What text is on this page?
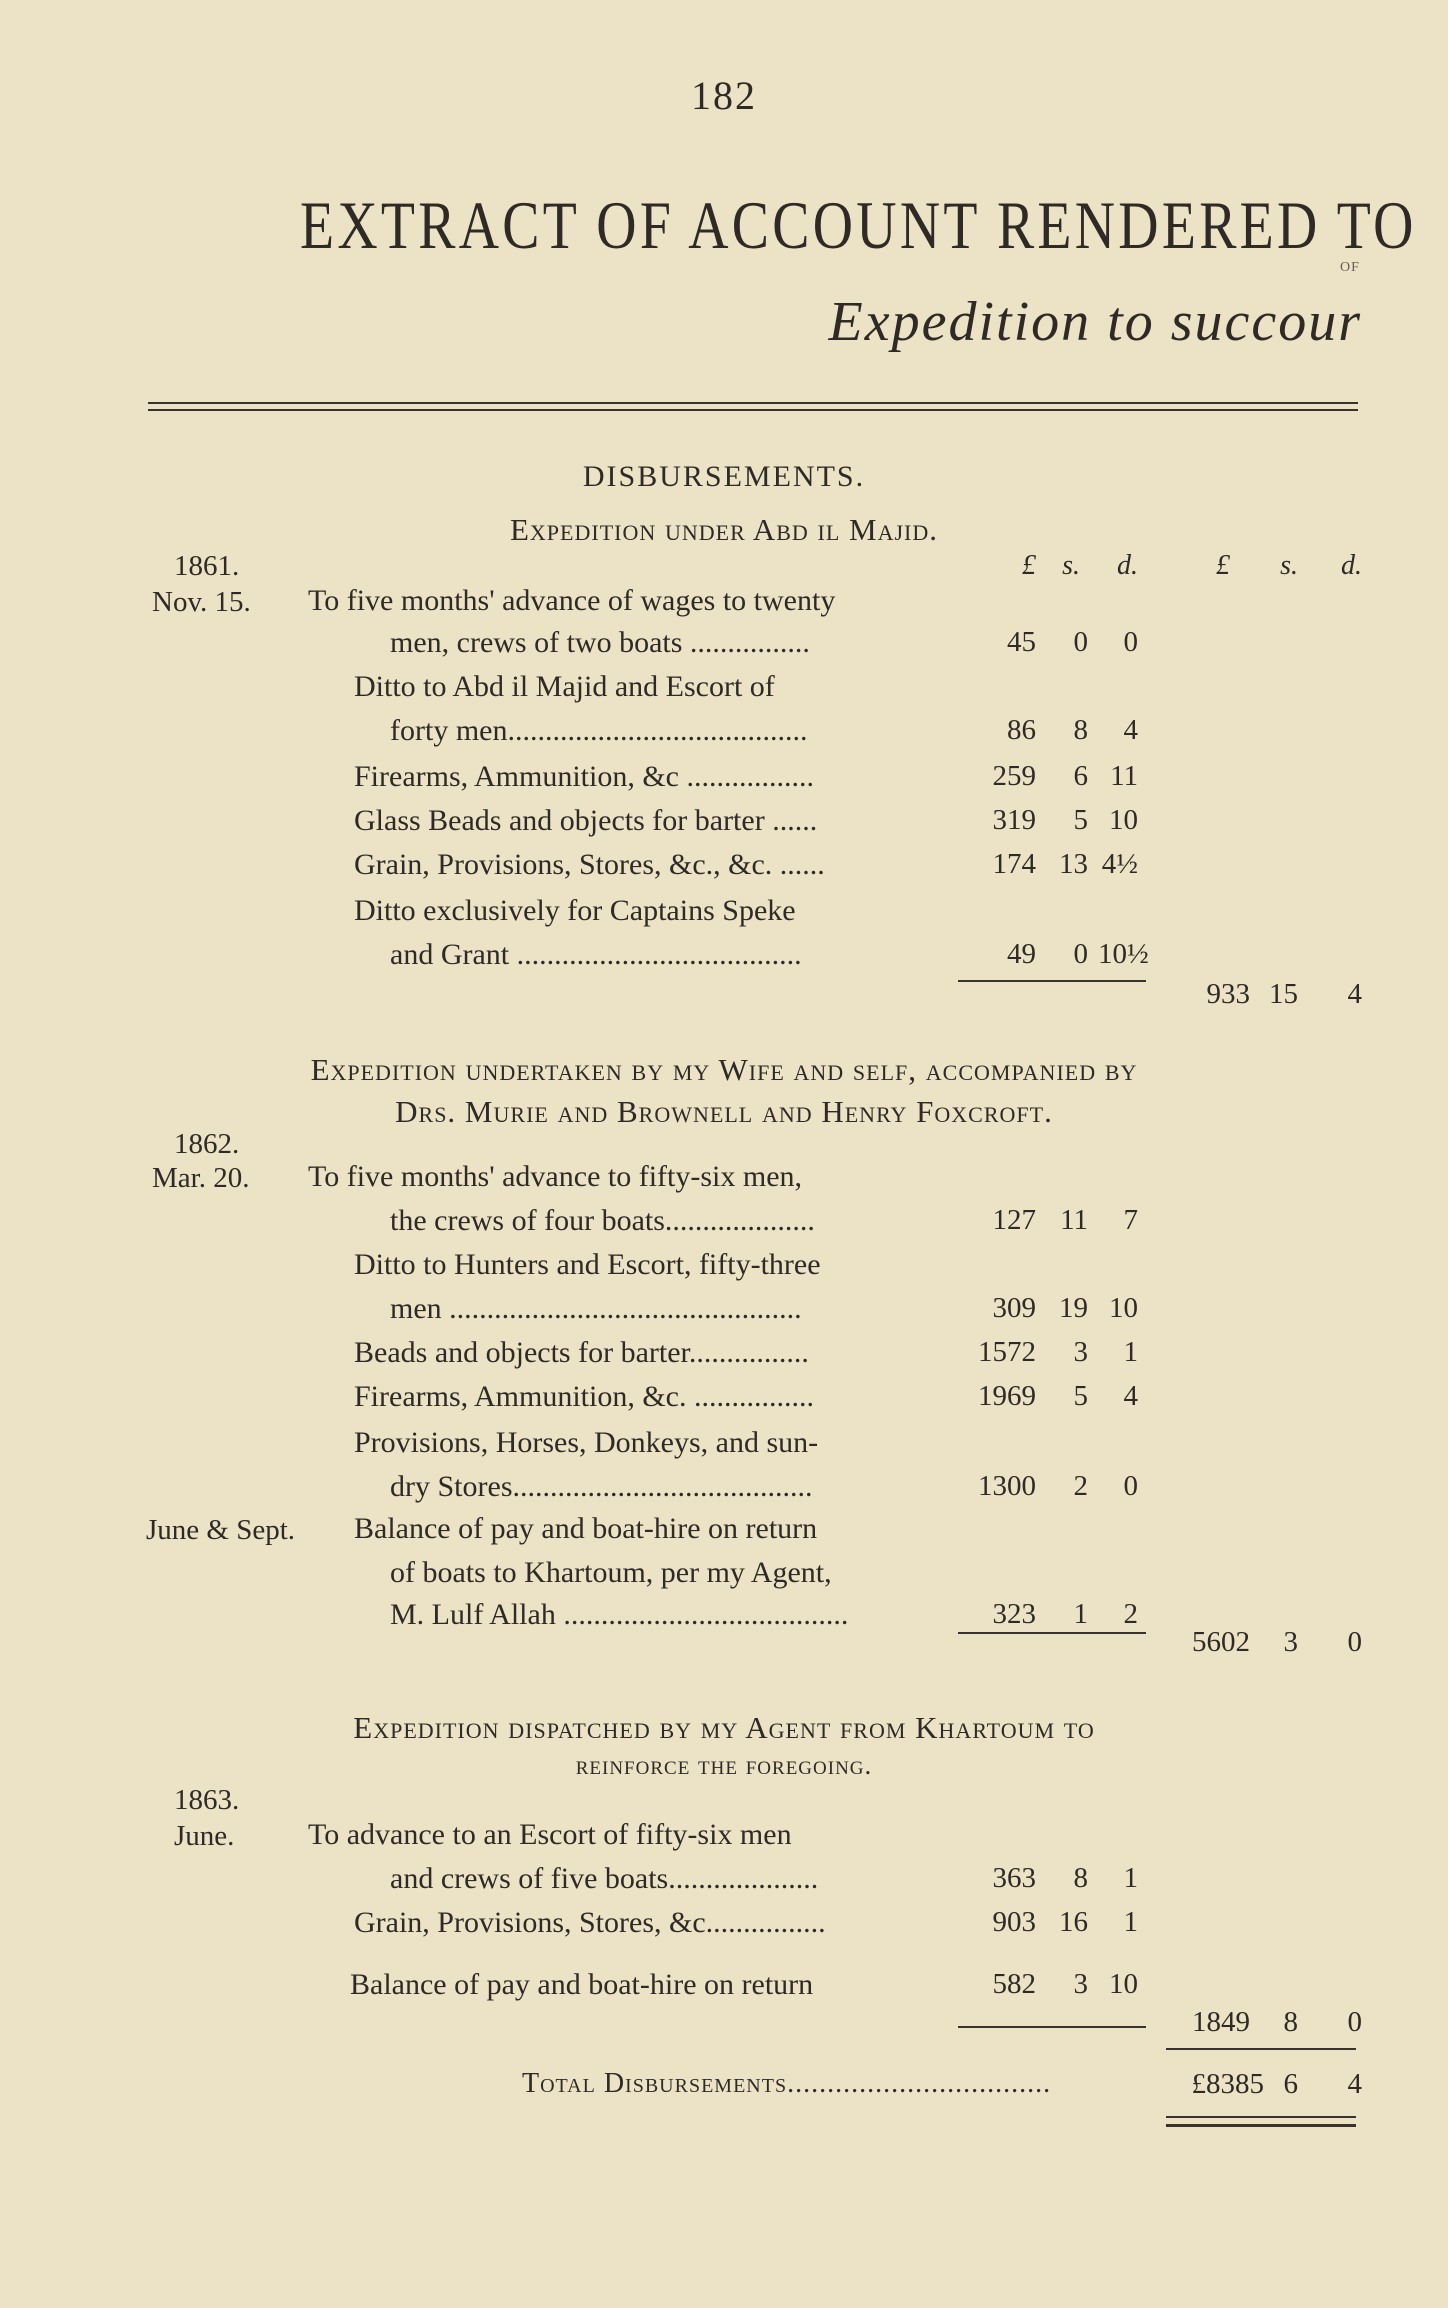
182
EXTRACT OF ACCOUNT RENDERED TO
OF
Expedition to succour
DISBURSEMENTS.
Expedition under Abd il Majid.
1861.	£ s.	d.	£	s.	d.
Nov. 15. To five months' advance of wages to twenty
men, crews of two boats ................	45	0	0
Ditto to Abd il Majid and Escort of
forty men........................................	86	8	4
Firearms, Ammunition, &c .................	259	6 11
Glass Beads and objects for barter ......	319	5 10
Grain, Provisions, Stores, &c., &c. ......	174 13 4½
Ditto exclusively for Captains Speke
and Grant ......................................	49	0 10½
933 15	4
Expedition undertaken by my Wife and self, accompanied by
Drs. Murie and Brownell and Henry Foxcroft.
1862.
Mar. 20. To five months' advance to fifty-six men,
the crews of four boats....................	127 11	7
Ditto to Hunters and Escort, fifty-three
men ...............................................	309 19 10
Beads and objects for barter................	1572	3	1
Firearms, Ammunition, &c. ................	1969	5	4
Provisions, Horses, Donkeys, and sun-
dry Stores........................................	1300	2	0
June & Sept. Balance of pay and boat-hire on return
of boats to Khartoum, per my Agent,
M. Lulf Allah ......................................	323	1	2
5602	3	0
Expedition dispatched by my Agent from Khartoum to
reinforce the foregoing.
1863.
June. To advance to an Escort of fifty-six men
and crews of five boats....................	363	8	1
Grain, Provisions, Stores, &c................	903 16	1
Balance of pay and boat-hire on return	582	3 10
1849	8	0
Total Disbursements.................................	£8385 6	4
